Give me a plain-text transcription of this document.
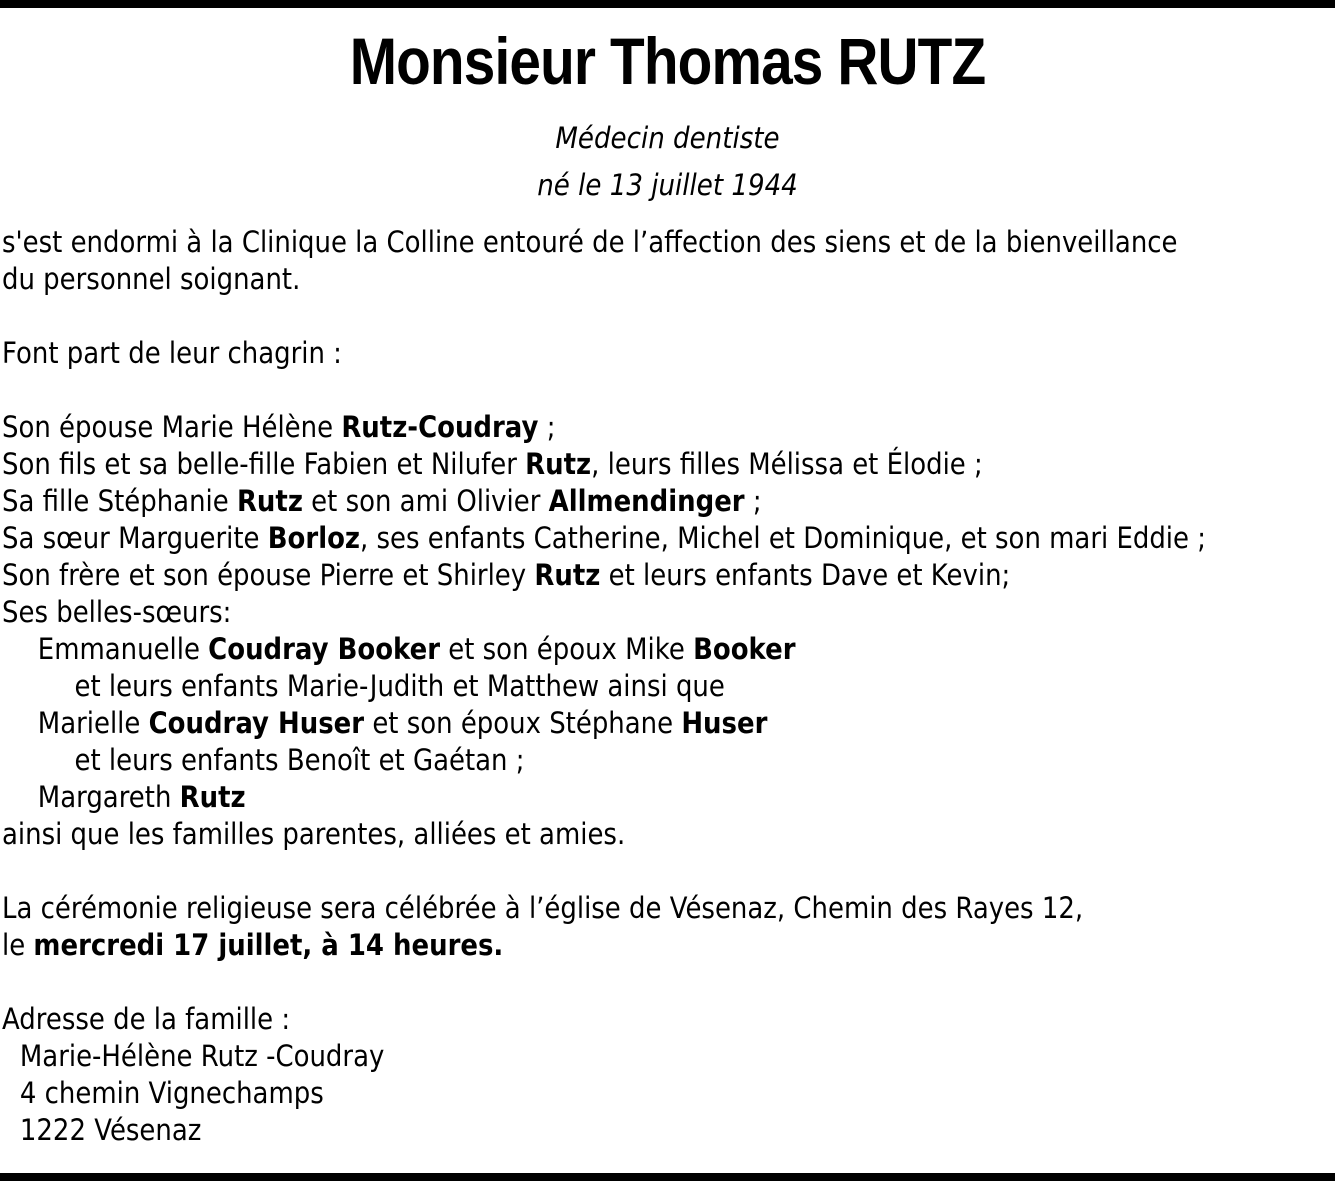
Monsieur Thomas RUTZ
Médecin dentiste
né le 13 juillet 1944
s'est endormi à la Clinique la Colline entouré de l’affection des siens et de la bienveillance
du personnel soignant.
Font part de leur chagrin :
Son épouse Marie Hélène Rutz-Coudray ;
Son fils et sa belle-fille Fabien et Nilufer Rutz, leurs filles Mélissa et Élodie ;
Sa fille Stéphanie Rutz et son ami Olivier Allmendinger ;
Sa sœur Marguerite Borloz, ses enfants Catherine, Michel et Dominique, et son mari Eddie ;
Son frère et son épouse Pierre et Shirley Rutz et leurs enfants Dave et Kevin;
Ses belles-sœurs:
Emmanuelle Coudray Booker et son époux Mike Booker
et leurs enfants Marie-Judith et Matthew ainsi que
Marielle Coudray Huser et son époux Stéphane Huser
et leurs enfants Benoît et Gaétan ;
Margareth Rutz
ainsi que les familles parentes, alliées et amies.
La cérémonie religieuse sera célébrée à l’église de Vésenaz, Chemin des Rayes 12,
le mercredi 17 juillet, à 14 heures.
Adresse de la famille :
Marie-Hélène Rutz -Coudray
4 chemin Vignechamps
1222 Vésenaz
